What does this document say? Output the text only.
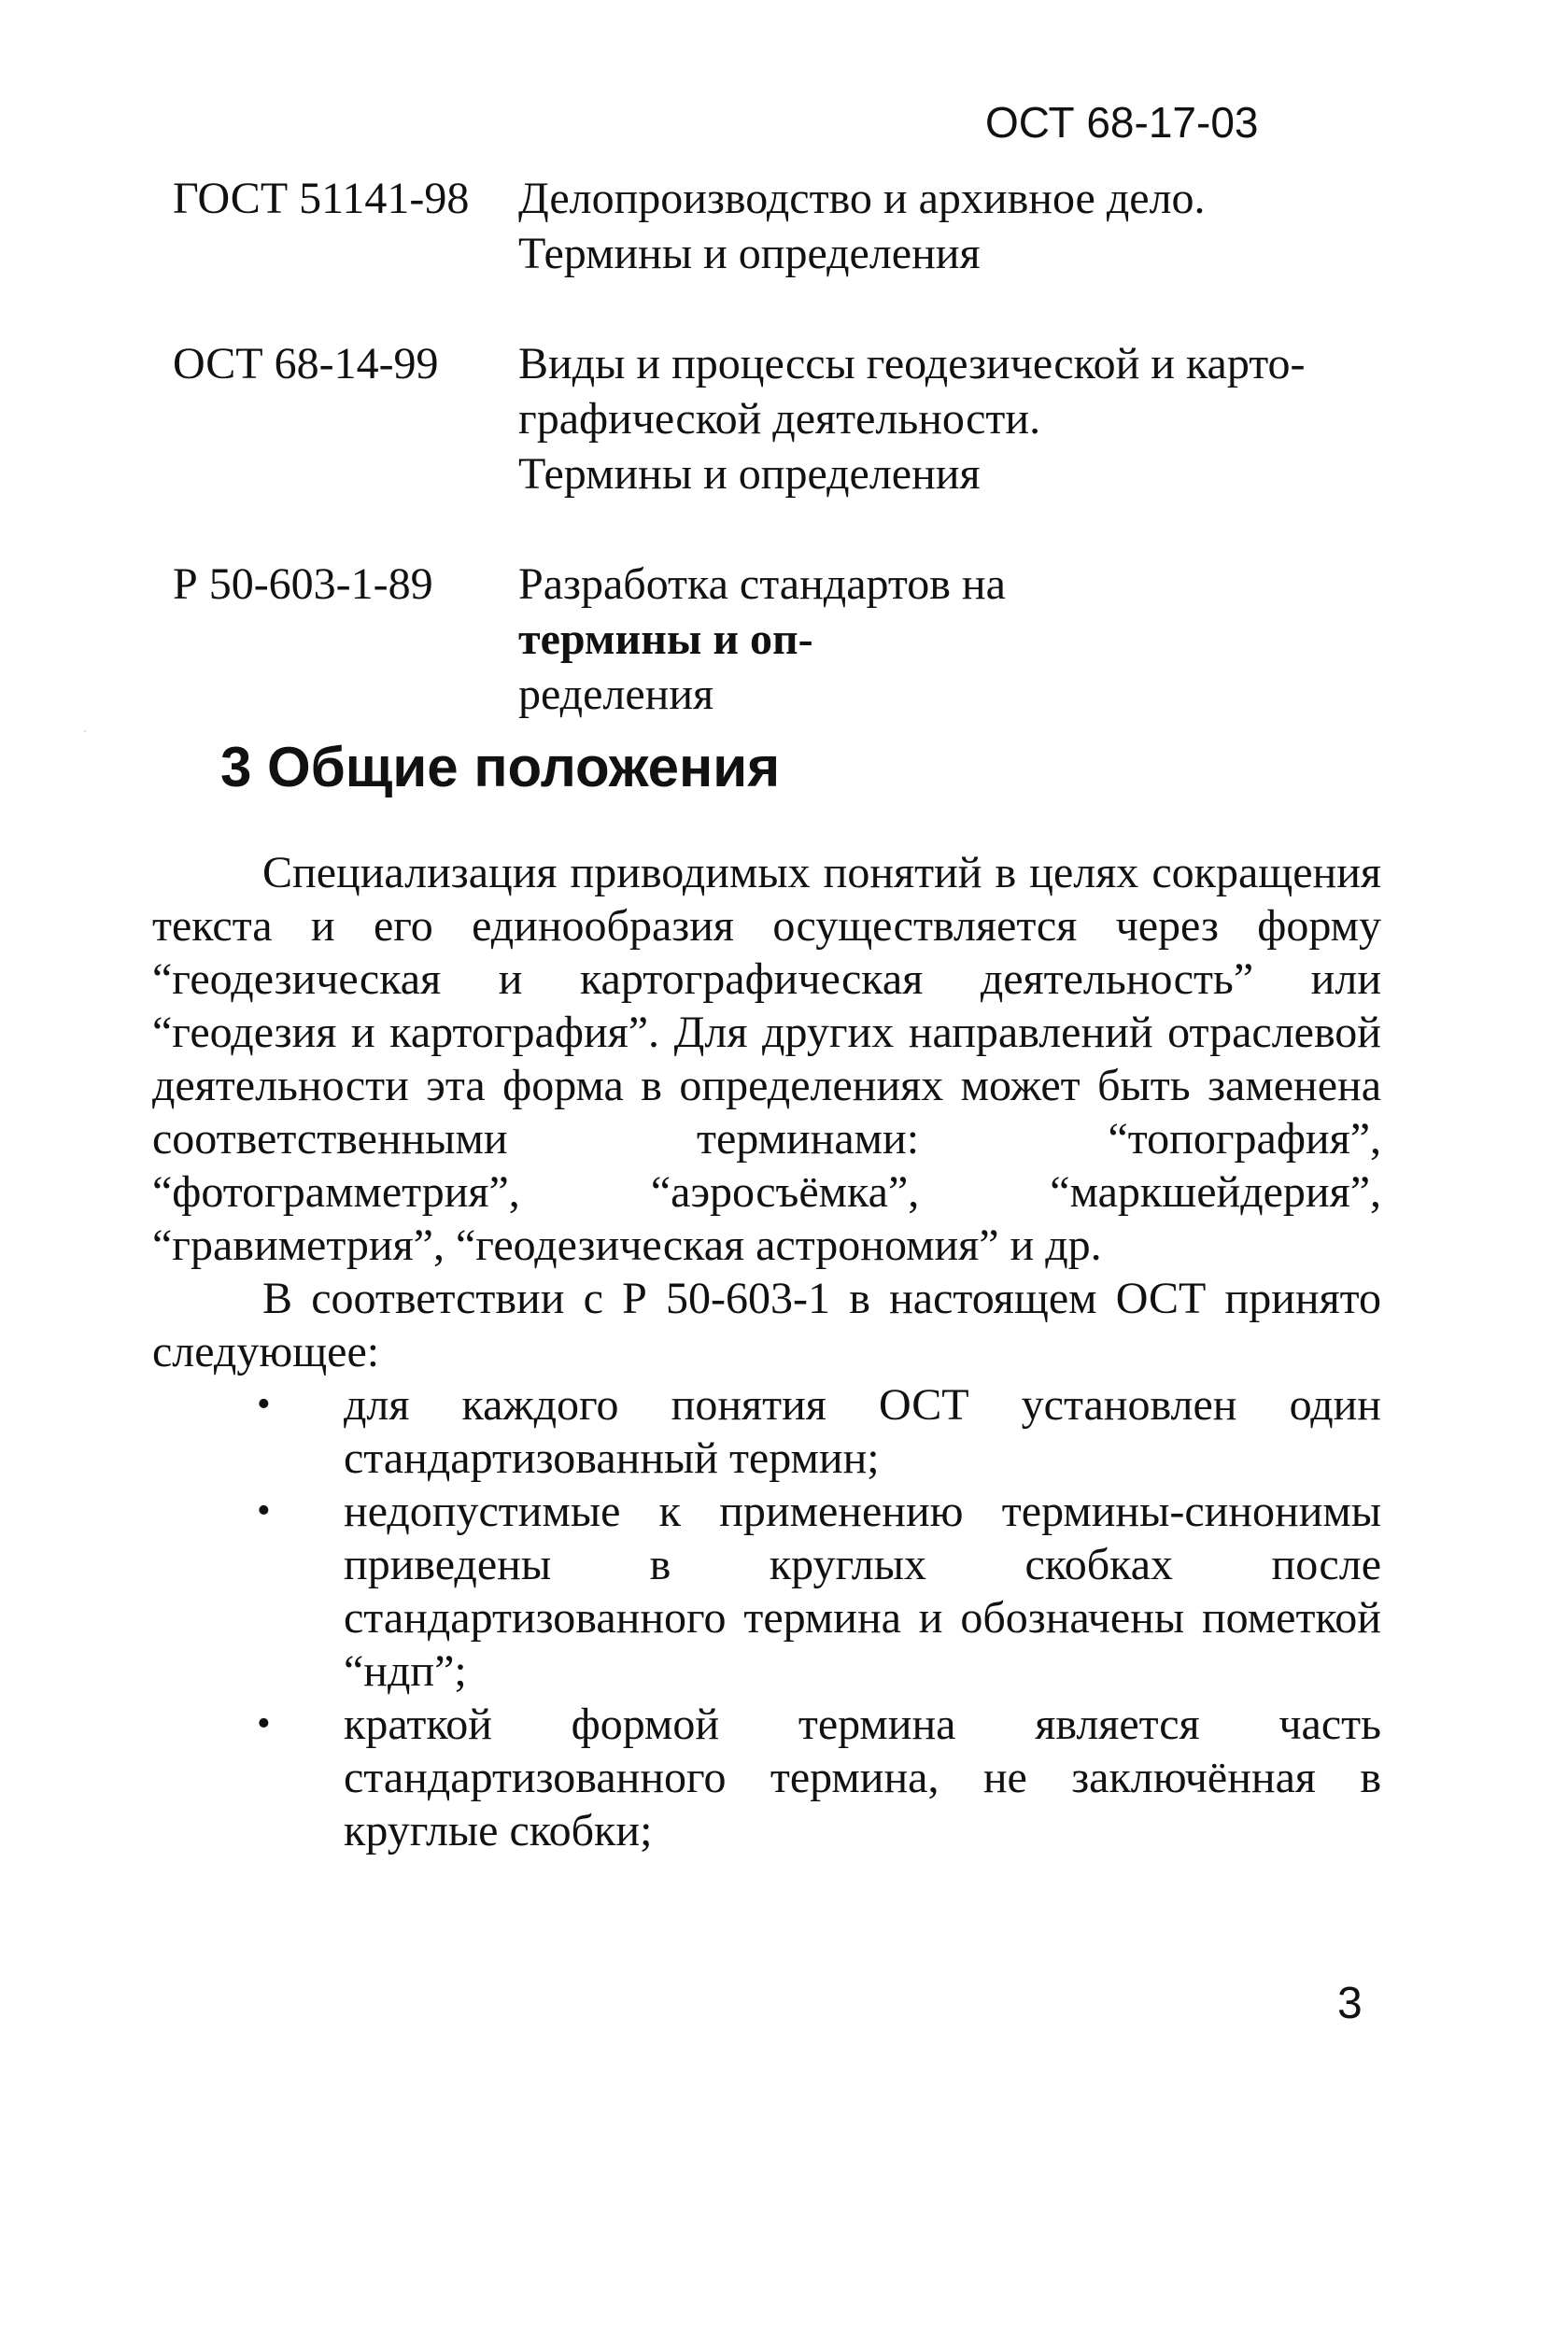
ОСТ 68-17-03
ГОСТ 51141-98	Делопроизводство и архивное дело.
Термины и определения
ОСТ 68-14-99	Виды и процессы геодезической и карто-
графической деятельности.
Термины и определения
Р 50-603-1-89	Разработка стандартов на
термины и оп-
ределения
3 Общие положения

Специализация приводимых понятий в целях сокращения текста и его единообразия осуществляется через форму “геодезическая и картографическая деятельность” или “геодезия и картография”. Для других направлений отраслевой деятельности эта форма в определениях может быть заменена соответственными терминами: “топография”, “фотограмметрия”, “аэросъёмка”, “маркшейдерия”, “гравиметрия”, “геодезическая астрономия” и др.

В соответствии с Р 50-603-1 в настоящем ОСТ принято следующее:

• для каждого понятия ОСТ установлен один стандартизованный термин;
• недопустимые к применению термины-синонимы приведены в круглых скобках после стандартизованного термина и обозначены пометкой “ндп”;
• краткой формой термина является часть стандартизованного термина, не заключённая в круглые скобки;
3
